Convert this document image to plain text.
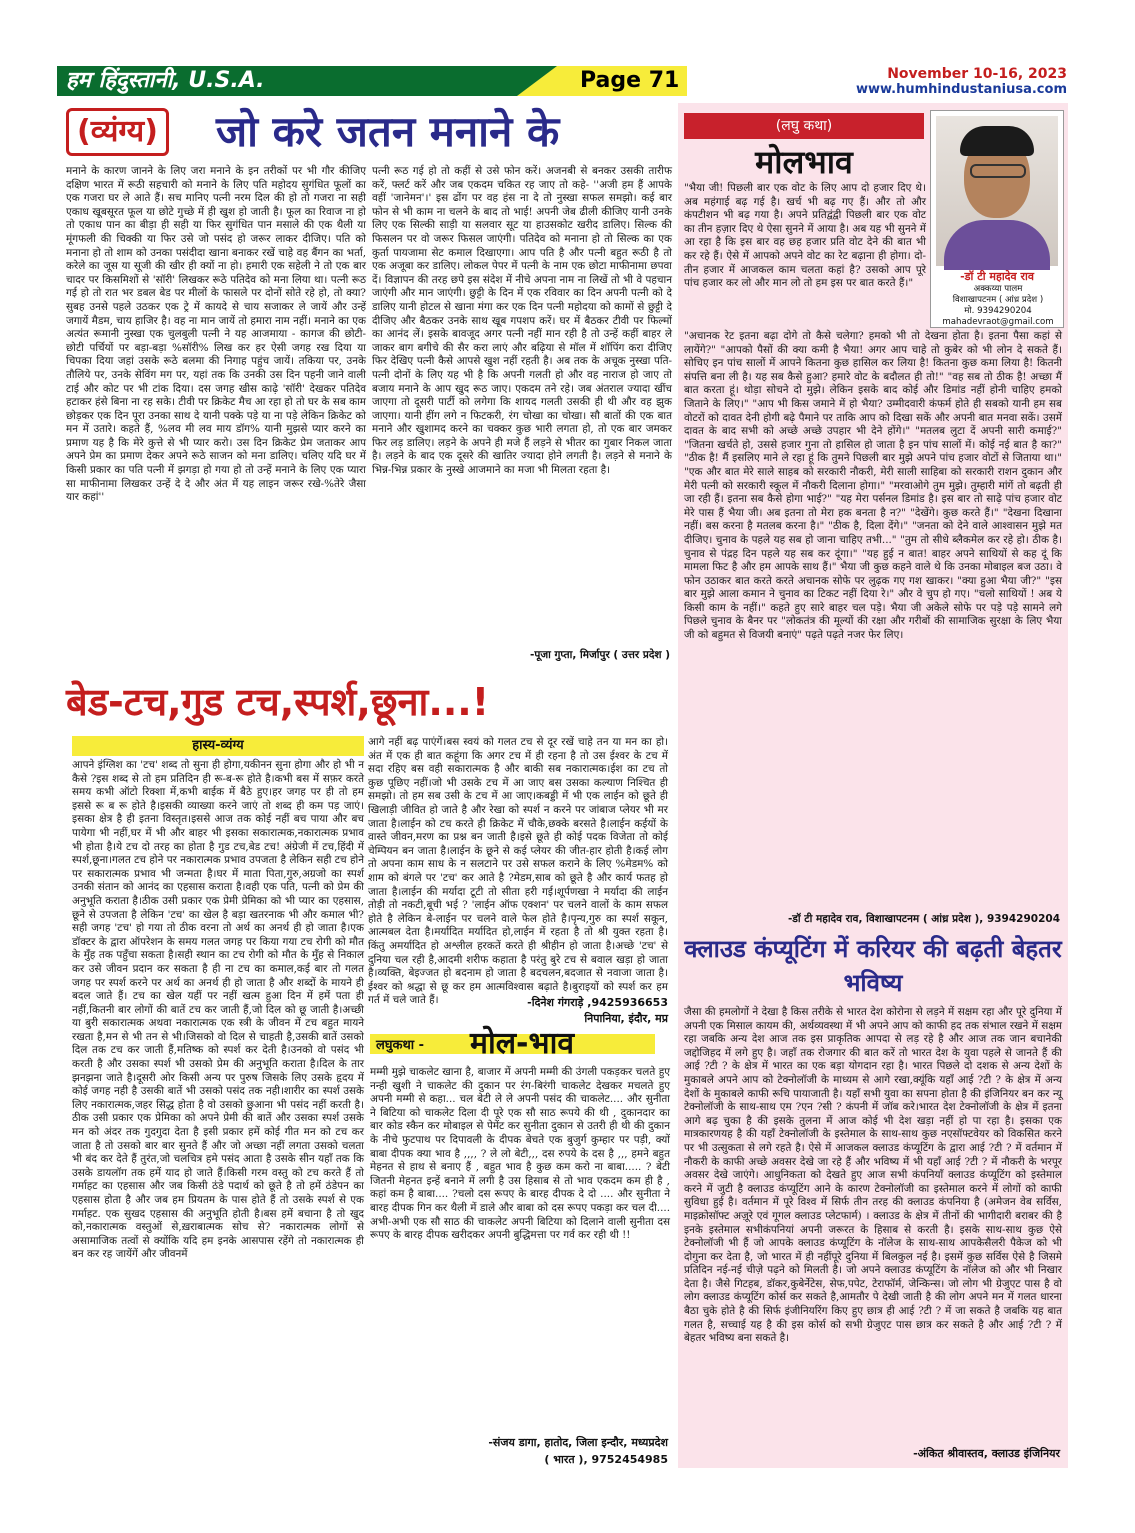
हम हिंदुस्तानी, U.S.A.	Page 71	November 10-16, 2023
www.humhindustaniusa.com
(व्यंग्य) जो करे जतन मनाने के
मनाने के कारण जानने के लिए जरा मनाने के इन तरीकों पर भी गौर कीजिए दक्षिण भारत में रूठी सहचारी को मनाने के लिए पति महोदय सुगंधित फूलों का एक गजरा घर ले आते हैं। सच मानिए पत्नी नरम दिल की हो तो गजरा ना सही एकाध खूबसूरत फूल या छोटे गुच्छे में ही खुश हो जाती है। फूल का रिवाज ना हो तो एकाध पान का बीड़ा ही सही या फिर सुगंधित पान मसाले की एक थैली या मूंगफली की चिक्की या फिर उसे जो पसंद हो जरूर लाकर दीजिए। पति को मनाना हो तो शाम को उनका पसंदीदा खाना बनाकर रखें चाहे वह बैंगन का भर्ता, करेले का जूस या सूजी की खीर ही क्यों ना हो। हमारी एक सहेली ने तो एक बार चादर पर किसमिशों से 'सॉरी' लिखकर रूठे पतिदेव को मना लिया था। पत्नी रूठ गई हो तो रात भर डबल बेड पर मीलों के फासले पर दोनों सोते रहे हो, तो क्या? सुबह उनसे पहले उठकर एक ट्रे में कायदे से चाय सजाकर ले जायें और उन्हें जगायें मैडम, चाय हाजिर है। वह ना मान जायें तो हमारा नाम नहीं। मनाने का एक अत्यंत रूमानी नुस्खा एक चुलबुली पत्नी ने यह आजमाया - कागज की छोटी-छोटी पर्चियों पर बड़ा-बड़ा %सॉरी% लिख कर हर ऐसी जगह रख दिया या चिपका दिया जहां उसके रूठे बलमा की निगाह पहुंच जायें। तकिया पर, उनके तौलिये पर, उनके सेविंग मग पर, यहां तक कि उनकी उस दिन पहनी जाने वाली टाई और कोट पर भी टांक दिया। दस जगह खीस काढ़े 'सॉरी' देखकर पतिदेव हटाकर हंसे बिना ना रह सके। टीवी पर क्रिकेट मैच आ रहा हो तो घर के सब काम छोड़कर एक दिन पूरा उनका साथ दे यानी पक्के पड़े या ना पड़े लेकिन क्रिकेट को मन में उतारे। कहते हैं, %लव मी लव माय डॉग% यानी मुझसे प्यार करने का प्रमाण यह है कि मेरे कुत्ते से भी प्यार करो। उस दिन क्रिकेट प्रेम जताकर आप अपने प्रेम का प्रमाण देकर अपने रूठे साजन को मना डालिए। चलिए यदि घर में किसी प्रकार का पति पत्नी में झगड़ा हो गया हो तो उन्हें मनाने के लिए एक प्यारा सा माफीनामा लिखकर उन्हें दे दे और अंत में यह लाइन जरूर रखे-%तेरे जैसा यार कहां''
पत्नी रूठ गई हो तो कहीं से उसे फोन करें। अजनबी से बनकर उसकी तारीफ करें, फ्लर्ट करें और जब एकदम चकित रह जाए तो कहे- ''अजी हम हैं आपके वहीं 'जानेमन'।' इस ढोंग पर वह हंस ना दे तो नुस्खा सफल समझो। कई बार फोन से भी काम ना चलने के बाद तो भाई! अपनी जेब ढीली कीजिए यानी उनके लिए एक सिल्की साड़ी या सलवार सूट या हाउसकोट खरीद डालिए। सिल्क की फिसलन पर वो जरूर फिसल जाएंगी। पतिदेव को मनाना हो तो सिल्क का एक कुर्ता पायजामा सेट कमाल दिखाएगा। आप पति है और पत्नी बहुत रूठी है तो एक अजूबा कर डालिए। लोकल पेपर में पत्नी के नाम एक छोटा माफीनामा छपवा दें। विज्ञापन की तरह छपे इस संदेश में नीचे अपना नाम ना लिखें तो भी वे पहचान जाएंगी और मान जाएंगी। छुट्टी के दिन में एक रविवार का दिन अपनी पत्नी को दे डालिए यानी होटल से खाना मंगा कर एक दिन पत्नी महोदया को कामों से छुट्टी दे दीजिए और बैठकर उनके साथ खूब गपशप करें। घर में बैठकर टीवी पर फिल्मों का आनंद लें। इसके बावजूद अगर पत्नी नहीं मान रही है तो उन्हें कहीं बाहर ले जाकर बाग बगीचे की सैर करा लाएं और बढ़िया से मॉल में शॉपिंग करा दीजिए फिर देखिए पत्नी कैसे आपसे खुश नहीं रहती है। अब तक के अचूक नुस्खा पति-पत्नी दोनों के लिए यह भी है कि अपनी गलती हो और वह नाराज हो जाए तो बजाय मनाने के आप खुद रूठ जाए। एकदम तने रहे। जब अंतराल ज्यादा खींच जाएगा तो दूसरी पार्टी को लगेगा कि शायद गलती उसकी ही थी और वह झुक जाएगा। यानी हींग लगे न फिटकरी, रंग चोखा का चोखा। सौ बातों की एक बात मनाने और खुशामद करने का चक्कर कुछ भारी लगता हो, तो एक बार जमकर फिर लड़ डालिए। लड़ने के अपने ही मजे हैं लड़ने से भीतर का गुबार निकल जाता है। लड़ने के बाद एक दूसरे की खातिर ज्यादा होने लगती है। लड़ने से मनाने के भिन्न-भिन्न प्रकार के नुस्खे आजमाने का मजा भी मिलता रहता है।
-पूजा गुप्ता, मिर्जापुर ( उत्तर प्रदेश )
बेड-टच,गुड टच,स्पर्श,छूना...!
हास्य-व्यंग्य
आपने इंग्लिश का 'टच' शब्द तो सुना ही होगा,यकीनन सुना होगा और हो भी न कैसे ?इस शब्द से तो हम प्रतिदिन ही रू-ब-रू होते है।कभी बस में सफ़र करते समय कभी ऑटो रिक्शा में,कभी बाईक में बैठे हुए।हर जगह पर ही तो हम इससे रू ब रू होते है।इसकी व्याख्या करने जाएं तो शब्द ही कम पड़ जाएं।इसका क्षेत्र है ही इतना विस्तृत।इससे आज तक कोई नहीं बच पाया और बच पायेगा भी नहीं,घर में भी और बाहर भी इसका सकारात्मक,नकारात्मक प्रभाव भी होता है।ये टच दो तरह का होता है गुड टच,बेड टच! अंग्रेजी में टच,हिंदी में स्पर्श,छूना।गलत टच होने पर नकारात्मक प्रभाव उपजता है लेकिन सही टच होने पर सकारात्मक प्रभाव भी जन्मता है।घर में माता पिता,गुरु,अग्रजो का स्पर्श उनकी संतान को आनंद का एहसास कराता है।वही एक पति, पत्नी को प्रेम की अनुभूति कराता है।ठीक उसी प्रकार एक प्रेमी प्रेमिका को भी प्यार का एहसास, छूने से उपजता है लेकिन 'टच' का खेल है बड़ा खतरनाक भी और कमाल भी? सही जगह 'टच' हो गया तो ठीक वरना तो अर्थ का अनर्थ ही हो जाता है।एक डॉक्टर के द्वारा ऑपरेशन के समय गलत जगह पर किया गया टच रोगी को मौत के मुँह तक पहुँचा सकता है।सही स्थान का टच रोगी को मौत के मुँह से निकाल कर उसे जीवन प्रदान कर सकता है ही ना टच का कमाल,कई बार तो गलत जगह पर स्पर्श करने पर अर्थ का अनर्थ ही हो जाता है और शब्दों के मायने ही बदल जाते हैं। टच का खेल यहीं पर नहीं खत्म हुआ दिन में हमें पता ही नहीं,कितनी बार लोगों की बातें टच कर जाती हैं,जो दिल को छू जाती है।अच्छी या बुरी सकारात्मक अथवा नकारात्मक एक स्त्री के जीवन में टच बहुत मायने रखता है,मन से भी तन से भी।जिसको वो दिल से चाहती है,उसकी बातें उसको दिल तक टच कर जाती हैं,मतिष्क को स्पर्श कर देती है।उनको वो पसंद भी करती है और उसका स्पर्श भी उसको प्रेम की अनुभूति कराता है।दिल के तार झनझना जाते है।दूसरी ओर किसी अन्य पर पुरुष जिसके लिए उसके हृदय में कोई जगह नही है उसकी बातें भी उसको पसंद तक नही।शारीर का स्पर्श उसके लिए नकारात्मक,जहर सिद्ध होता है वो उसको छुआना भी पसंद नहीं करती है।ठीक उसी प्रकार एक प्रेमिका को अपने प्रेमी की बातें और उसका स्पर्श उसके मन को अंदर तक गुदगुदा देता है इसी प्रकार हमें कोई गीत मन को टच कर जाता है तो उसको बार बार सुनते हैं और जो अच्छा नहीं लगता उसको चलता भी बंद कर देते हैं तुरंत,जो चलचित्र हमे पसंद आता है उसके सीन यहाँ तक कि उसके डायलॉग तक हमें याद हो जाते हैं।किसी गरम वस्तु को टच करते हैं तो गर्माहट का एहसास और जब किसी ठंडे पदार्थ को छूते है तो हमें ठंडेपन का एहसास होता है और जब हम प्रियतम के पास होते हैं तो उसके स्पर्श से एक गर्माहट. एक सुखद एहसास की अनुभूति होती है।बस हमें बचाना है तो खुद को,नकारात्मक वस्तुओं से,ख़राबात्मक सोच से? नकारात्मक लोगों से असामाजिक तत्वों से क्योंकि यदि हम इनके आसपास रहेंगे तो नकारात्मक ही बन कर रह जायेंगें और जीवनमें
आगे नहीं बढ़ पाएंगें।बस स्वयं को गलत टच से दूर रखें चाहे तन या मन का हो।अंत में एक ही बात कहूंगा कि अगर टच में ही रहना है तो उस ईश्वर के टच में सदा रहिए बस वही सकारात्मक है और बाकी सब नकारात्मक।ईश का टच तो कुछ पूछिए नहीं।जो भी उसके टच में आ जाए बस उसका कल्याण निश्चित ही समझो। तो हम सब उसी के टच में आ जाए।कबड्डी में भी एक लाईन को छूते ही खिलाड़ी जीवित हो जाते है और रेखा को स्पर्श न करने पर जांबाज प्लेयर भी मर जाता है।लाईन को टच करते ही क्रिकेट में चौके,छक्के बरसते है।लाईन कईयों के वास्ते जीवन,मरण का प्रश्न बन जाती है।इसे छूते ही कोई पदक विजेता तो कोई चेम्पियन बन जाता है।लाईन के छूने से कई प्लेयर की जीत-हार होती है।कई लोग तो अपना काम साध के न सलटाने पर उसे सफल कराने के लिए %मेडम% को शाम को बंगले पर 'टच' कर आते है ?मेडम,साब को छूते है और कार्य फतह हो जाता है।लाईन की मर्यादा टूटी तो सीता हरी गई।शूर्पणखा ने मर्यादा की लाईन तोड़ी तो नकटी,बूची भई ? 'लाईन ऑफ एक्शन' पर चलने वालों के काम सफल होते है लेकिन बे-लाईन पर चलने वाले फेल होते है।पृन्य,गुरु का स्पर्श सकून, आत्मबल देता है।मर्यादित मर्यादित हो,लाईन में रहता है तो श्री युक्त रहता है। किंतु अमर्यादित हो अश्लील हरकतें करते ही श्रीहीन हो जाता है।अच्छे 'टच' से दुनिया चल रही है,आदमी शरीफ कहाता है परंतु बुरे टच से बवाल खड़ा हो जाता है।व्यक्ति, बेइज्जत हो बदनाम हो जाता है बदचलन,बदजात से नवाजा जाता है।ईश्वर को श्रद्धा से छू कर हम आत्मविश्वास बढ़ाते है।बुराइयों को स्पर्श कर हम गर्त में चले जाते हैं।	-दिनेश गंगराड़े ,9425936653
निपानिया, इंदौर, मप्र
लघुकथा - मोल-भाव
मम्मी मुझे चाकलेट खाना है, बाजार में अपनी मम्मी की उंगली पकड़कर चलते हुए नन्ही खुशी ने चाकलेट की दुकान पर रंग-बिरंगी चाकलेट देखकर मचलते हुए अपनी मम्मी से कहा... चल बेटी ले ले अपनी पसंद की चाकलेट.... और सुनीता ने बिटिया को चाकलेट दिला दी पूरे एक सौ साठ रूपये की थी , दुकानदार का बार कोड स्कैन कर मोबाइल से पेमेंट कर सुनीता दुकान से उतरी ही थी की दुकान के नीचे फुटपाथ पर दिपावली के दीपक बेचते एक बुजुर्ग कुम्हार पर पड़ी, क्यों बाबा दीपक क्या भाव है ,,,, ? ले लो बेटी,,, दस रुपये के दस है ,,, हमने बहुत मेहनत से हाथ से बनाए हैं , बहुत भाव है कुछ कम करो ना बाबा..... ? बेटी जितनी मेहनत इन्हें बनाने में लगी है उस हिसाब से तो भाव एकदम कम ही है , कहां कम है बाबा.... ?चलो दस रूपए के बारह दीपक दे दो .... और सुनीता ने बारह दीपक गिन कर थैली में डाले और बाबा को दस रूपए पकड़ा कर चल दी.... अभी-अभी एक सौ साठ की चाकलेट अपनी बिटिया को दिलाने वाली सुनीता दस रूपए के बारह दीपक खरीदकर अपनी बुद्धिमत्ता पर गर्व कर रही थी !!
-संजय डागा, हातोद, जिला इन्दौर, मध्यप्रदेश
( भारत ), 9752454985
(लघु कथा)
मोलभाव
-डॉ टी महादेव राव
अक्कय्या पालम
विशाखापटनम ( आंध्र प्रदेश )
मो. 9394290204
mahadevraot@gmail.com
"भैया जी! पिछली बार एक वोट के लिए आप दो हजार दिए थे। अब महंगाई बढ़ गई है। खर्च भी बढ़ गए हैं। और तो और कंपटीशन भी बढ़ गया है। अपने प्रतिद्वंद्वी पिछली बार एक वोट का तीन हज़ार दिए थे ऐसा सुनने में आया है। अब यह भी सुनने में आ रहा है कि इस बार वह छह हजार प्रति वोट देने की बात भी कर रहे हैं। ऐसे में आपको अपने वोट का रेट बढ़ाना ही होगा। दो-तीन हजार में आजकल काम चलता कहां है? उसको आप पूरे पांच हजार कर लो और मान लो तो हम इस पर बात करते हैं।"
"अचानक रेट इतना बढ़ा दोगे तो कैसे चलेगा? हमको भी तो देखना होता है। इतना पैसा कहां से लायेंगे?" "आपको पैसों की क्या कमी है भैया! अगर आप चाहे तो कुबेर को भी लोन दे सकते हैं। सोचिए इन पांच सालों में आपने कितना कुछ हासिल कर लिया है! कितना कुछ कमा लिया है! कितनी संपत्ति बना ली है। यह सब कैसे हुआ? हमारे वोट के बदौलत ही तो!" "वह सब तो ठीक है! अच्छा मैं बात करता हूं। थोड़ा सोचने दो मुझे। लेकिन इसके बाद कोई और डिमांड नहीं होनी चाहिए हमको जिताने के लिए।" "आप भी किस जमाने में हो भैया? उम्मीदवारी कंफर्म होते ही सबको यानी हम सब वोटरों को दावत देनी होगी बढ़े पैमाने पर ताकि आप को दिखा सकें और अपनी बात मनवा सकें। उसमें दावत के बाद सभी को अच्छे अच्छे उपहार भी देने होंगे।" "मतलब लुटा दें अपनी सारी कमाई?" "जितना खर्चते हो, उससे हजार गुना तो हासिल हो जाता है इन पांच सालों में। कोई नई बात है का?" "ठीक है! मैं इसलिए माने ले रहा हूं कि तुमने पिछली बार मुझे अपने पांच हजार वोटों से जिताया था।" "एक और बात मेरे साले साहब को सरकारी नौकरी, मेरी साली साहिबा को सरकारी राशन दुकान और मेरी पत्नी को सरकारी स्कूल में नौकरी दिलाना होगा।" "मरवाओगे तुम मुझे। तुम्हारी मांगें तो बढ़ती ही जा रही हैं। इतना सब कैसे होगा भाई?" "यह मेरा पर्सनल डिमांड है। इस बार तो साढ़े पांच हजार वोट मेरे पास हैं भैया जी। अब इतना तो मेरा हक बनता है न?" "देखेंगे। कुछ करते हैं।" "देखना दिखाना नहीं। बस करना है मतलब करना है।" "ठीक है, दिला देंगे।" "जनता को देने वाले आश्वासन मुझे मत दीजिए। चुनाव के पहले यह सब हो जाना चाहिए तभी..." "तुम तो सीधे ब्लैकमेल कर रहे हो। ठीक है। चुनाव से पंद्रह दिन पहले यह सब कर दूंगा।" "यह हुई न बात! बाहर अपने साथियों से कह दूं कि मामला फिट है और हम आपके साथ हैं।" भैया जी कुछ कहने वाले थे कि उनका मोबाइल बज उठा। वे फोन उठाकर बात करते करते अचानक सोफे पर लुढ़क गए गश खाकर। "क्या हुआ भैया जी?" "इस बार मुझे आला कमान ने चुनाव का टिकट नहीं दिया रे।" और वे चुप हो गए। "चलो साथियों ! अब ये किसी काम के नहीं।" कहते हुए सारे बाहर चल पड़े। भैया जी अकेले सोफे पर पड़े पड़े सामने लगे पिछले चुनाव के बैनर पर "लोकतंत्र की मूल्यों की रक्षा और गरीबों की सामाजिक सुरक्षा के लिए भैया जी को बहुमत से विजयी बनाएं" पढ़ते पढ़ते नजर फेर लिए।
-डॉ टी महादेव राव, विशाखापटनम ( आंध्र प्रदेश ), 9394290204
क्लाउड कंप्यूटिंग में करियर की बढ़ती बेहतर भविष्य
जैसा की हमलोगों ने देखा है किस तरीके से भारत देश कोरोना से लड़ने में सक्षम रहा और पूरे दुनिया में अपनी एक मिसाल कायम की, अर्थव्यवस्था में भी अपने आप को काफी हद तक संभाल रखने में सक्षम रहा जबकि अन्य देश आज तक इस प्राकृतिक आपदा से लड़ रहे है और आज तक जान बचानेकी जद्दोजिहद में लगे हुए है। जहाँ तक रोजगार की बात करें तो भारत देश के युवा पहले से जानते हैं की आई ?टी ? के क्षेत्र में भारत का एक बड़ा योगदान रहा है। भारत पिछले दो दशक से अन्य देशों के मुकाबले अपने आप को टेक्नोलॉजी के माध्यम से आगे रखा,क्यूंकि यहाँ आई ?टी ? के क्षेत्र में अन्य देशों के मुकाबले काफी रूचि पायाजाती है। यहाँ सभी युवा का सपना होता है की इंजिनियर बन कर न्यू टेक्नोलॉजी के साथ-साथ एम ?एन ?सी ? कंपनी में जॉब करे।भारत देश टेक्नोलॉजी के क्षेत्र में इतना आगे बढ़ चुका है की इसके तुलना में आज कोई भी देश खड़ा नहीं हो पा रहा है। इसका एक मात्रकारणयह है की यहाँ टेक्नोलॉजी के इस्तेमाल के साथ-साथ कुछ नएसॉफ्टवेयर को विकसित करने पर भी उत्सुकता से लगे रहते है। ऐसे में आजकल क्लाउड कंप्यूटिंग के द्वारा आई ?टी ? में वर्तमान में नौकरी के काफी अच्छे अवसर देखे जा रहे हैं और भविष्य में भी यहाँ आई ?टी ? में नौकरी के भरपूर अवसर देखे जाएंगे। आधुनिकता को देखते हुए आज सभी कंपनियाँ क्लाउड कंप्यूटिंग को इस्तेमाल करने में जुटी है क्लाउड कंप्यूटिंग आने के कारण टेक्नोलॉजी का इस्तेमाल करने में लोगों को काफी सुविधा हुई है। वर्तमान में पूरे विश्व में सिर्फ तीन तरह की क्लाउड कंपनिया है (अमेजन वेब सर्विस, माइक्रोसॉफ्ट अज़ूरे एवं गूगल क्लाउड प्लेटफार्म) । क्लाउड के क्षेत्र में तीनों की भागीदारी बराबर की है इनके इस्तेमाल सभीकंपनियां अपनी जरूरत के हिसाब से करती है। इसके साथ-साथ कुछ ऐसे टेक्नोलॉजी भी हैं जो आपके क्लाउड कंप्यूटिंग के नॉलेज के साथ-साथ आपकेसैलरी पैकेज को भी दोगुना कर देता है, जो भारत में ही नहींपूरे दुनिया में बिलकुल नई है। इसमें कुछ सर्विस ऐसे है जिसमे प्रतिदिन नई-नई चीज़े पढ़ने को मिलती है। जो अपने क्लाउड कंप्यूटिंग के नॉलेज को और भी निखार देता है। जैसे गिटहब, डॉकर,कुबेर्नेटेस, सेफ,पपेट, टेराफॉर्म, जेन्किन्स। जो लोग भी ग्रेजुएट पास है वो लोग क्लाउड कंप्यूटिंग कोर्स कर सकते है,आमतौर पे देखी जाती है की लोग अपने मन में गलत धारना बैठा चुके होते है की सिर्फ इंजीनियरिंग किए हुए छात्र ही आई ?टी ? में जा सकते है जबकि यह बात गलत है, सच्चाई यह है की इस कोर्स को सभी ग्रेजुएट पास छात्र कर सकते है और आई ?टी ? में बेहतर भविष्य बना सकते है।
-अंकित श्रीवास्तव, क्लाउड इंजिनियर
